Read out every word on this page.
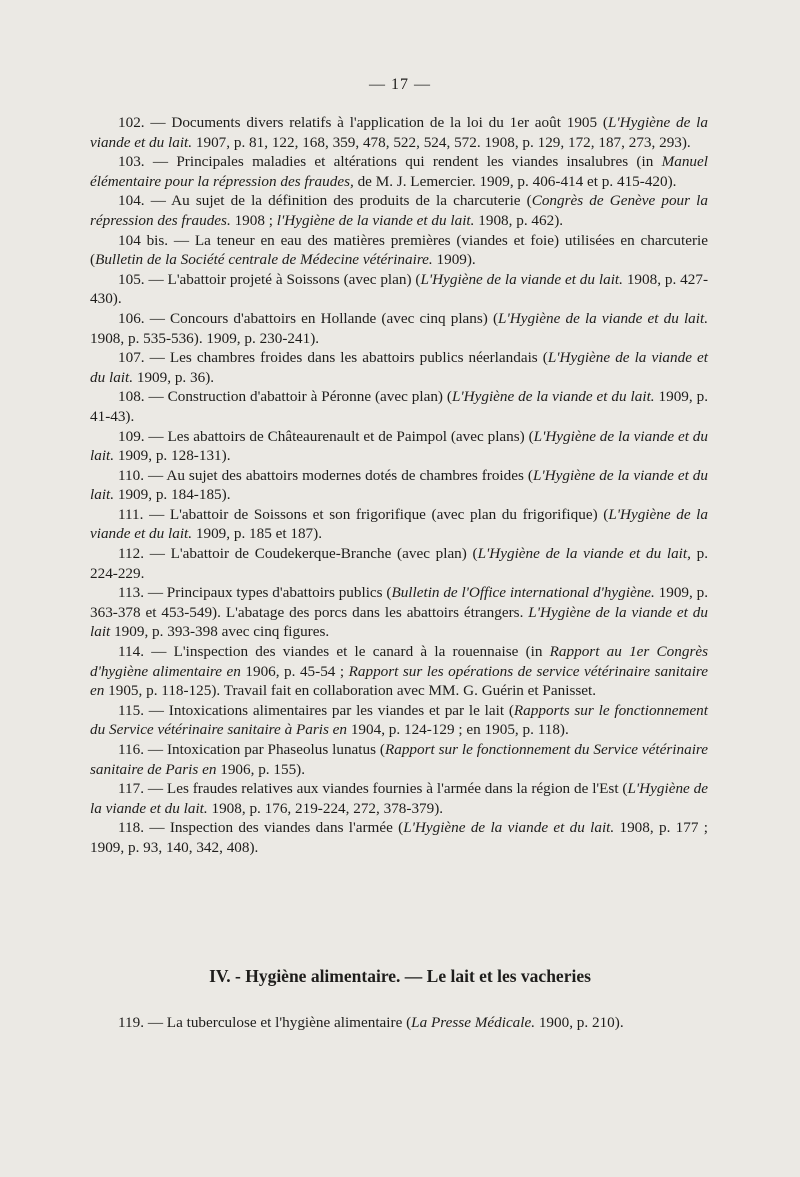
— 17 —

102. — Documents divers relatifs à l'application de la loi du 1er août 1905 (L'Hygiène de la viande et du lait. 1907, p. 81, 122, 168, 359, 478, 522, 524, 572. 1908, p. 129, 172, 187, 273, 293).

103. — Principales maladies et altérations qui rendent les viandes insalubres (in Manuel élémentaire pour la répression des fraudes, de M. J. Lemercier. 1909, p. 406-414 et p. 415-420).

104. — Au sujet de la définition des produits de la charcuterie (Congrès de Genève pour la répression des fraudes. 1908 ; l'Hygiène de la viande et du lait. 1908, p. 462).

104 bis. — La teneur en eau des matières premières (viandes et foie) utilisées en charcuterie (Bulletin de la Société centrale de Médecine vétérinaire. 1909).

105. — L'abattoir projeté à Soissons (avec plan) (L'Hygiène de la viande et du lait. 1908, p. 427-430).

106. — Concours d'abattoirs en Hollande (avec cinq plans) (L'Hygiène de la viande et du lait. 1908, p. 535-536). 1909, p. 230-241).

107. — Les chambres froides dans les abattoirs publics néerlandais (L'Hygiène de la viande et du lait. 1909, p. 36).

108. — Construction d'abattoir à Péronne (avec plan) (L'Hygiène de la viande et du lait. 1909, p. 41-43).

109. — Les abattoirs de Châteaurenault et de Paimpol (avec plans) (L'Hygiène de la viande et du lait. 1909, p. 128-131).

110. — Au sujet des abattoirs modernes dotés de chambres froides (L'Hygiène de la viande et du lait. 1909, p. 184-185).

111. — L'abattoir de Soissons et son frigorifique (avec plan du frigorifique) (L'Hygiène de la viande et du lait. 1909, p. 185 et 187).

112. — L'abattoir de Coudekerque-Branche (avec plan) (L'Hygiène de la viande et du lait, p. 224-229.

113. — Principaux types d'abattoirs publics (Bulletin de l'Office international d'hygiène. 1909, p. 363-378 et 453-549). L'abatage des porcs dans les abattoirs étrangers. L'Hygiène de la viande et du lait 1909, p. 393-398 avec cinq figures.

114. — L'inspection des viandes et le canard à la rouennaise (in Rapport au 1er Congrès d'hygiène alimentaire en 1906, p. 45-54 ; Rapport sur les opérations de service vétérinaire sanitaire en 1905, p. 118-125). Travail fait en collaboration avec MM. G. Guérin et Panisset.

115. — Intoxications alimentaires par les viandes et par le lait (Rapports sur le fonctionnement du Service vétérinaire sanitaire à Paris en 1904, p. 124-129 ; en 1905, p. 118).

116. — Intoxication par Phaseolus lunatus (Rapport sur le fonctionnement du Service vétérinaire sanitaire de Paris en 1906, p. 155).

117. — Les fraudes relatives aux viandes fournies à l'armée dans la région de l'Est (L'Hygiène de la viande et du lait. 1908, p. 176, 219-224, 272, 378-379).

118. — Inspection des viandes dans l'armée (L'Hygiène de la viande et du lait. 1908, p. 177 ; 1909, p. 93, 140, 342, 408).

IV. - Hygiène alimentaire. — Le lait et les vacheries

119. — La tuberculose et l'hygiène alimentaire (La Presse Médicale. 1900, p. 210).
